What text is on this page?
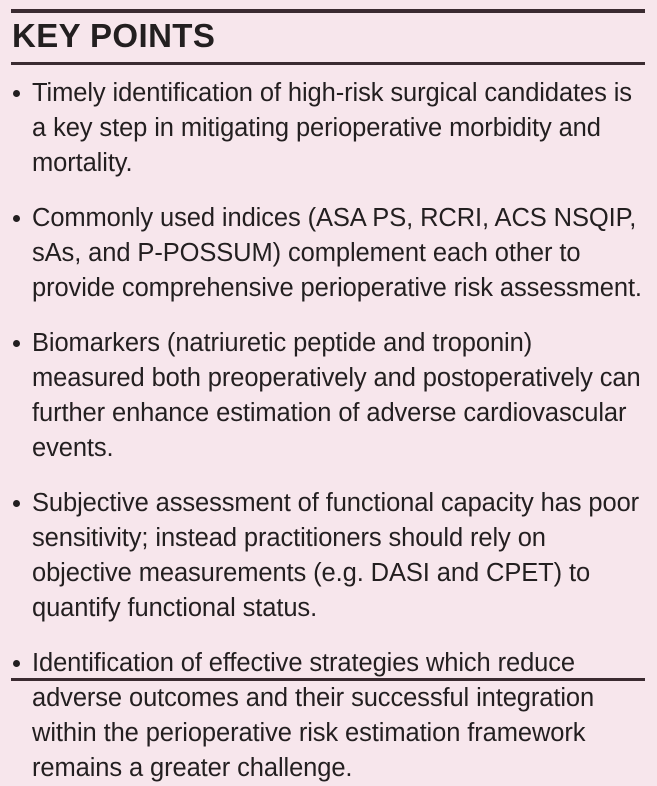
KEY POINTS
Timely identification of high-risk surgical candidates is a key step in mitigating perioperative morbidity and mortality.
Commonly used indices (ASA PS, RCRI, ACS NSQIP, sAs, and P-POSSUM) complement each other to provide comprehensive perioperative risk assessment.
Biomarkers (natriuretic peptide and troponin) measured both preoperatively and postoperatively can further enhance estimation of adverse cardiovascular events.
Subjective assessment of functional capacity has poor sensitivity; instead practitioners should rely on objective measurements (e.g. DASI and CPET) to quantify functional status.
Identification of effective strategies which reduce adverse outcomes and their successful integration within the perioperative risk estimation framework remains a greater challenge.
